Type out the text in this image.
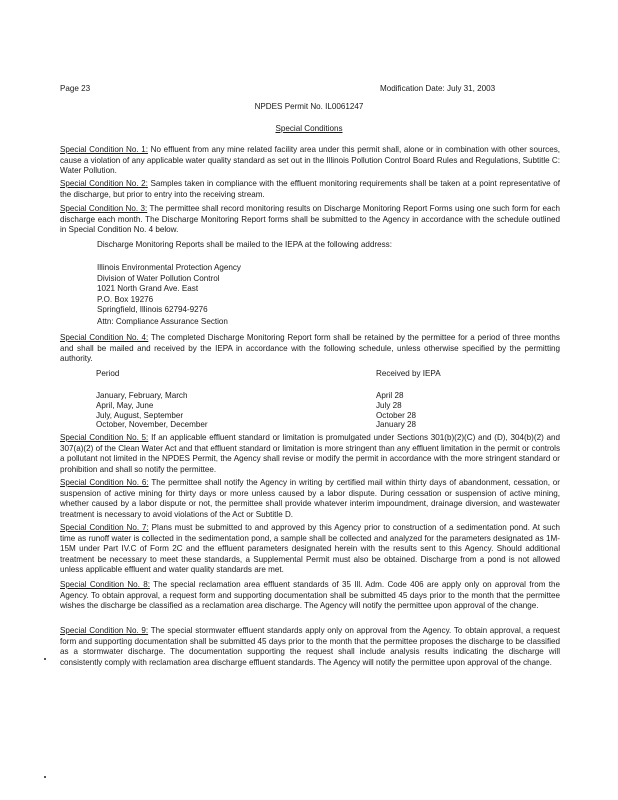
Page 23	Modification Date: July 31, 2003
NPDES Permit No. IL0061247
Special Conditions
Special Condition No. 1: No effluent from any mine related facility area under this permit shall, alone or in combination with other sources, cause a violation of any applicable water quality standard as set out in the Illinois Pollution Control Board Rules and Regulations, Subtitle C: Water Pollution.
Special Condition No. 2: Samples taken in compliance with the effluent monitoring requirements shall be taken at a point representative of the discharge, but prior to entry into the receiving stream.
Special Condition No. 3: The permittee shall record monitoring results on Discharge Monitoring Report Forms using one such form for each discharge each month. The Discharge Monitoring Report forms shall be submitted to the Agency in accordance with the schedule outlined in Special Condition No. 4 below.
Discharge Monitoring Reports shall be mailed to the IEPA at the following address:
Illinois Environmental Protection Agency
Division of Water Pollution Control
1021 North Grand Ave. East
P.O. Box 19276
Springfield, Illinois 62794-9276
Attn: Compliance Assurance Section
Special Condition No. 4: The completed Discharge Monitoring Report form shall be retained by the permittee for a period of three months and shall be mailed and received by the IEPA in accordance with the following schedule, unless otherwise specified by the permitting authority.
Period	Received by IEPA
January, February, March	April 28
April, May, June	July 28
July, August, September	October 28
October, November, December	January 28
Special Condition No. 5: If an applicable effluent standard or limitation is promulgated under Sections 301(b)(2)(C) and (D), 304(b)(2) and 307(a)(2) of the Clean Water Act and that effluent standard or limitation is more stringent than any effluent limitation in the permit or controls a pollutant not limited in the NPDES Permit, the Agency shall revise or modify the permit in accordance with the more stringent standard or prohibition and shall so notify the permittee.
Special Condition No. 6: The permittee shall notify the Agency in writing by certified mail within thirty days of abandonment, cessation, or suspension of active mining for thirty days or more unless caused by a labor dispute. During cessation or suspension of active mining, whether caused by a labor dispute or not, the permittee shall provide whatever interim impoundment, drainage diversion, and wastewater treatment is necessary to avoid violations of the Act or Subtitle D.
Special Condition No. 7: Plans must be submitted to and approved by this Agency prior to construction of a sedimentation pond. At such time as runoff water is collected in the sedimentation pond, a sample shall be collected and analyzed for the parameters designated as 1M-15M under Part IV.C of Form 2C and the effluent parameters designated herein with the results sent to this Agency. Should additional treatment be necessary to meet these standards, a Supplemental Permit must also be obtained. Discharge from a pond is not allowed unless applicable effluent and water quality standards are met.
Special Condition No. 8: The special reclamation area effluent standards of 35 Ill. Adm. Code 406 are apply only on approval from the Agency. To obtain approval, a request form and supporting documentation shall be submitted 45 days prior to the month that the permittee wishes the discharge be classified as a reclamation area discharge. The Agency will notify the permittee upon approval of the change.
Special Condition No. 9: The special stormwater effluent standards apply only on approval from the Agency. To obtain approval, a request form and supporting documentation shall be submitted 45 days prior to the month that the permittee proposes the discharge to be classified as a stormwater discharge. The documentation supporting the request shall include analysis results indicating the discharge will consistently comply with reclamation area discharge effluent standards. The Agency will notify the permittee upon approval of the change.
